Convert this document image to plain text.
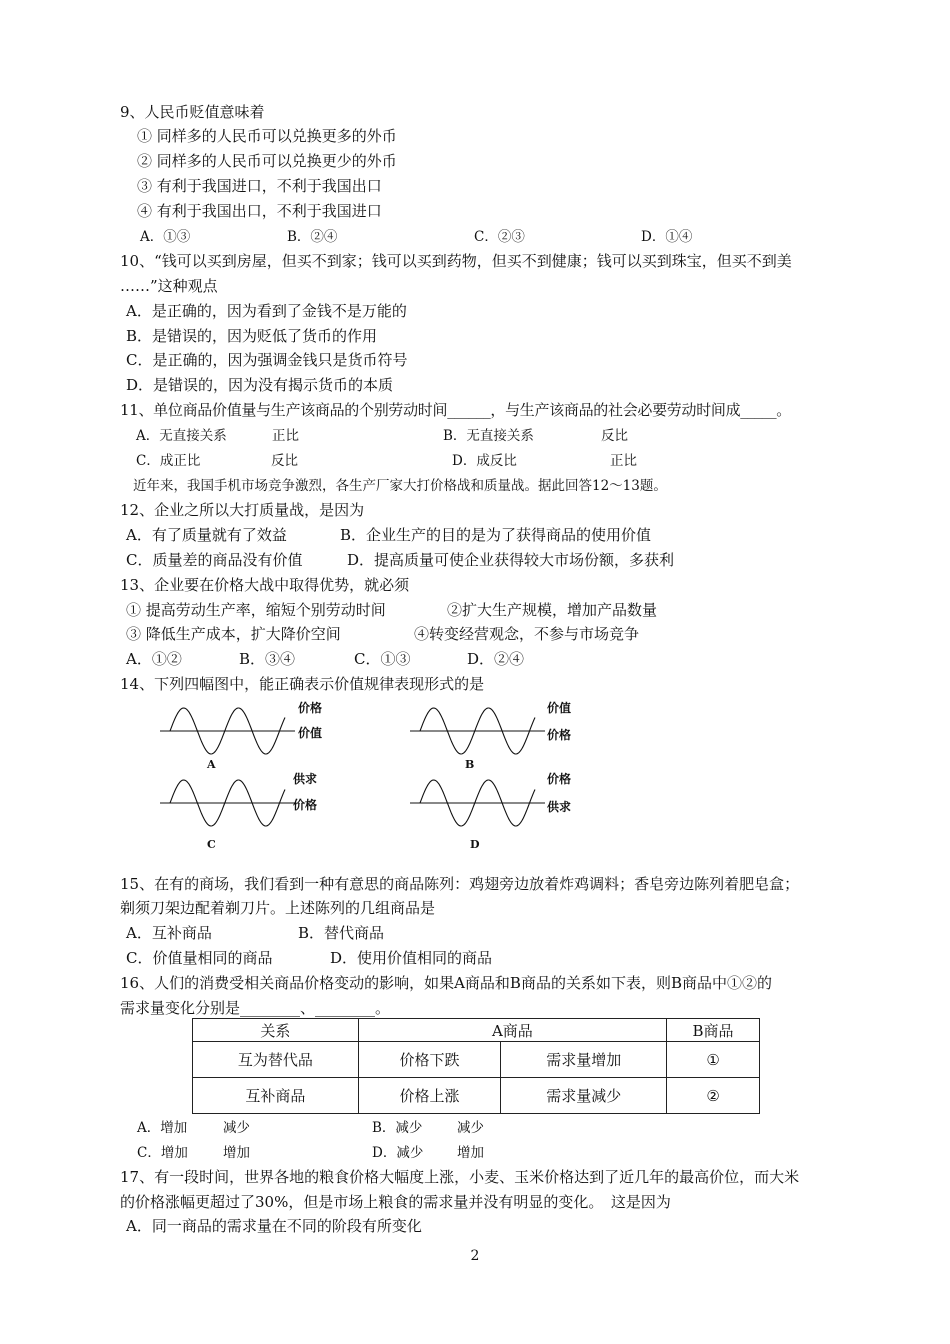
9、人民币贬值意味着
① 同样多的人民币可以兑换更多的外币
② 同样多的人民币可以兑换更少的外币
③ 有利于我国进口，不利于我国出口
④ 有利于我国出口，不利于我国进口
A．①③	B．②④	C．②③	D．①④
10、“钱可以买到房屋，但买不到家；钱可以买到药物，但买不到健康；钱可以买到珠宝，但买不到美
……”这种观点
A．是正确的，因为看到了金钱不是万能的
B．是错误的，因为贬低了货币的作用
C．是正确的，因为强调金钱只是货币符号
D．是错误的，因为没有揭示货币的本质
11、单位商品价值量与生产该商品的个别劳动时间______，与生产该商品的社会必要劳动时间成_____。
A．无直接关系	正比	B．无直接关系	反比
C．成正比	反比	D．成反比	正比
近年来，我国手机市场竞争激烈，各生产厂家大打价格战和质量战。据此回答12～13题。
12、企业之所以大打质量战，是因为
A．有了质量就有了效益	B．企业生产的目的是为了获得商品的使用价值
C．质量差的商品没有价值	D．提高质量可使企业获得较大市场份额，多获利
13、企业要在价格大战中取得优势，就必须
① 提高劳动生产率，缩短个别劳动时间	②扩大生产规模，增加产品数量
③ 降低生产成本，扩大降价空间	④转变经营观念，不参与市场竞争
A．①②	B．③④	C．①③	D．②④
14、下列四幅图中，能正确表示价值规律表现形式的是
价格
价值
A
价值
价格
B
供求
价格
C
价格
供求
D
15、在有的商场，我们看到一种有意思的商品陈列：鸡翅旁边放着炸鸡调料；香皂旁边陈列着肥皂盒；
剃须刀架边配着剃刀片。上述陈列的几组商品是
A．互补商品	B．替代商品
C．价值量相同的商品	D．使用价值相同的商品
16、人们的消费受相关商品价格变动的影响，如果A商品和B商品的关系如下表，则B商品中①②的
需求量变化分别是________、________。
关系	A商品		B商品
互为替代品	价格下跌	需求量增加	①
互补商品	价格上涨	需求量减少	②
A．增加	减少	B．减少	减少
C．增加	增加	D．减少 增加
17、有一段时间，世界各地的粮食价格大幅度上涨，小麦、玉米价格达到了近几年的最高价位，而大米
的价格涨幅更超过了30%，但是市场上粮食的需求量并没有明显的变化。　这是因为
A．同一商品的需求量在不同的阶段有所变化
2
